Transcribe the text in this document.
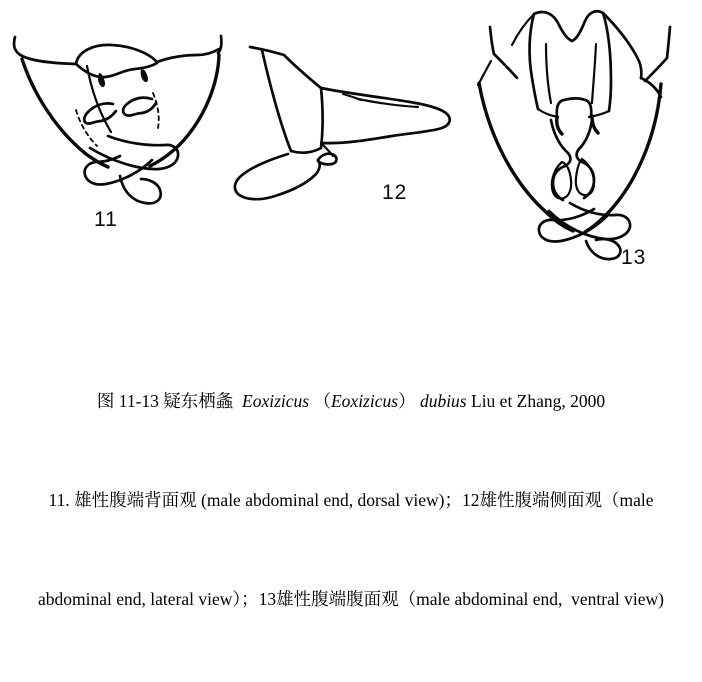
11
12
13

图 11-13 疑东栖螽  Eoxizicus （Eoxizicus） dubius Liu et Zhang, 2000

11. 雄性腹端背面观 (male abdominal end, dorsal view)；12雄性腹端侧面观（male

abdominal end, lateral view）；13雄性腹端腹面观（male abdominal end,  ventral view)
